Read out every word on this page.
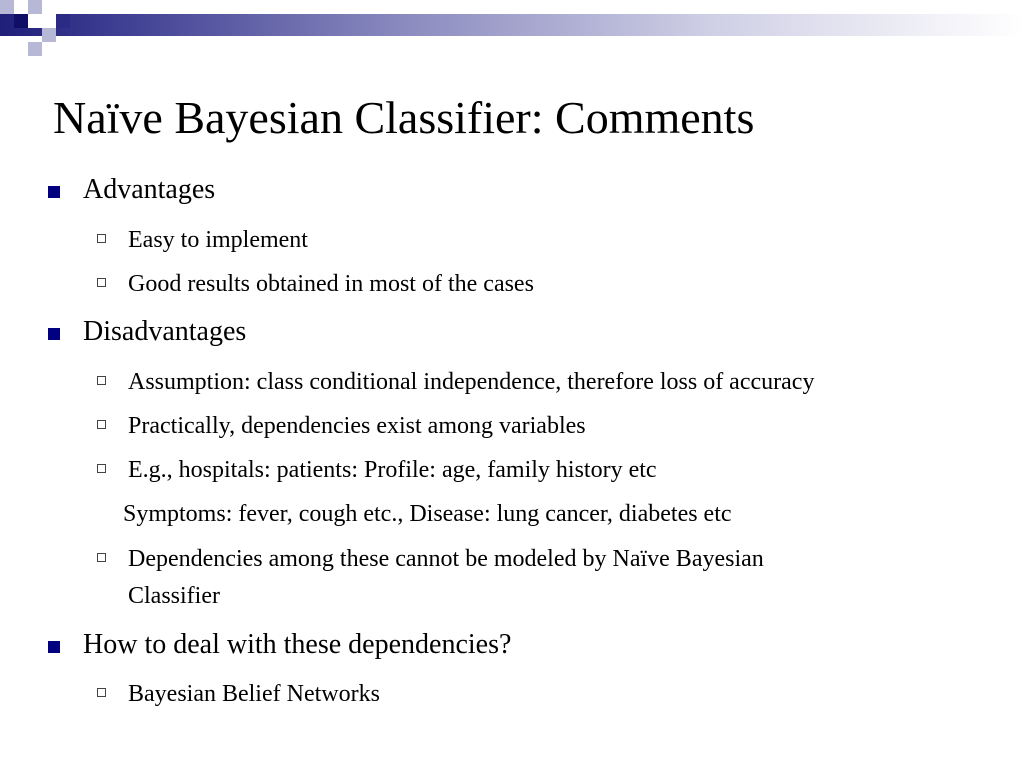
Naïve Bayesian Classifier: Comments
Advantages
Easy to implement
Good results obtained in most of the cases
Disadvantages
Assumption: class conditional independence, therefore loss of accuracy
Practically, dependencies exist among variables
E.g., hospitals: patients: Profile: age, family history etc
Symptoms: fever, cough etc., Disease: lung cancer, diabetes etc
Dependencies among these cannot be modeled by Naïve Bayesian
Classifier
How to deal with these dependencies?
Bayesian Belief Networks
